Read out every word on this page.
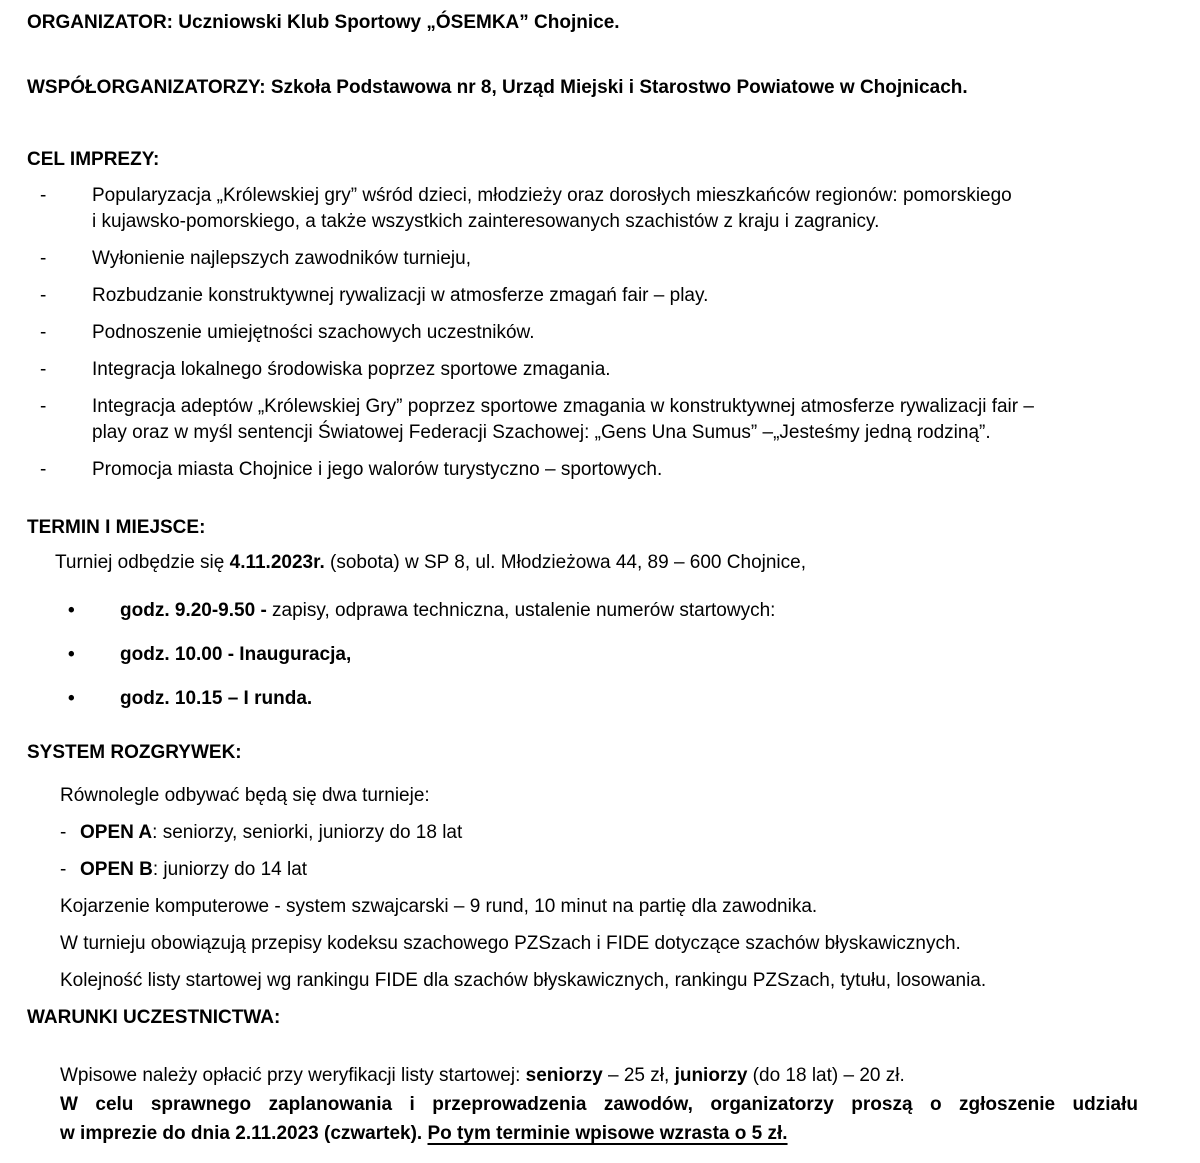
ORGANIZATOR: Uczniowski Klub Sportowy „ÓSEMKA” Chojnice.
WSPÓŁORGANIZATORZY: Szkoła Podstawowa nr 8, Urząd Miejski i Starostwo Powiatowe w Chojnicach.
CEL IMPREZY:
-	Popularyzacja „Królewskiej gry” wśród dzieci, młodzieży oraz dorosłych mieszkańców regionów: pomorskiego
i kujawsko-pomorskiego, a także wszystkich zainteresowanych szachistów z kraju i zagranicy.
-	Wyłonienie najlepszych zawodników turnieju,
-	Rozbudzanie konstruktywnej rywalizacji w atmosferze zmagań fair – play.
-	Podnoszenie umiejętności szachowych uczestników.
-	Integracja lokalnego środowiska poprzez sportowe zmagania.
-	Integracja adeptów „Królewskiej Gry” poprzez sportowe zmagania w konstruktywnej atmosferze rywalizacji fair –
play oraz w myśl sentencji Światowej Federacji Szachowej: „Gens Una Sumus” –„Jesteśmy jedną rodziną”.
-	Promocja miasta Chojnice i jego walorów turystyczno – sportowych.
TERMIN I MIEJSCE:
Turniej odbędzie się 4.11.2023r. (sobota) w SP 8, ul. Młodzieżowa 44, 89 – 600 Chojnice,
•	godz. 9.20-9.50 - zapisy, odprawa techniczna, ustalenie numerów startowych:
•	godz. 10.00 - Inauguracja,
•	godz. 10.15 – I runda.
SYSTEM ROZGRYWEK:
Równolegle odbywać będą się dwa turnieje:
- OPEN A: seniorzy, seniorki, juniorzy do 18 lat
- OPEN B: juniorzy do 14 lat
Kojarzenie komputerowe - system szwajcarski – 9 rund, 10 minut na partię dla zawodnika.
W turnieju obowiązują przepisy kodeksu szachowego PZSzach i FIDE dotyczące szachów błyskawicznych.
Kolejność listy startowej wg rankingu FIDE dla szachów błyskawicznych, rankingu PZSzach, tytułu, losowania.
WARUNKI UCZESTNICTWA:
Wpisowe należy opłacić przy weryfikacji listy startowej: seniorzy – 25 zł, juniorzy (do 18 lat) – 20 zł.
W celu sprawnego zaplanowania i przeprowadzenia zawodów, organizatorzy proszą o zgłoszenie udziału
w imprezie do dnia 2.11.2023 (czwartek). Po tym terminie wpisowe wzrasta o 5 zł.
